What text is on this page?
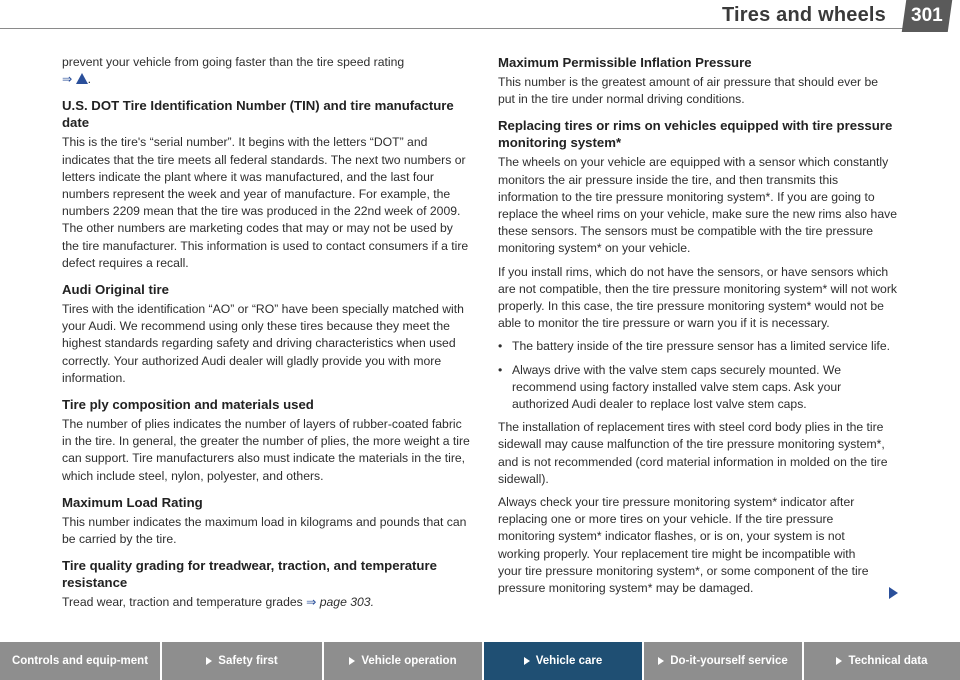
Tires and wheels 301

prevent your vehicle from going faster than the tire speed rating
⇒ .

U.S. DOT Tire Identification Number (TIN) and tire manufacture date

This is the tire's “serial number”. It begins with the letters “DOT” and indicates that the tire meets all federal standards. The next two numbers or letters indicate the plant where it was manufactured, and the last four numbers represent the week and year of manufacture. For example, the numbers 2209 mean that the tire was produced in the 22nd week of 2009. The other numbers are marketing codes that may or may not be used by the tire manufacturer. This information is used to contact consumers if a tire defect requires a recall.

Audi Original tire

Tires with the identification “AO” or “RO” have been specially matched with your Audi. We recommend using only these tires because they meet the highest standards regarding safety and driving characteristics when used correctly. Your authorized Audi dealer will gladly provide you with more information.

Tire ply composition and materials used

The number of plies indicates the number of layers of rubber-coated fabric in the tire. In general, the greater the number of plies, the more weight a tire can support. Tire manufacturers also must indicate the materials in the tire, which include steel, nylon, polyester, and others.

Maximum Load Rating

This number indicates the maximum load in kilograms and pounds that can be carried by the tire.

Tire quality grading for treadwear, traction, and temperature resistance

Tread wear, traction and temperature grades ⇒ page 303.

Maximum Permissible Inflation Pressure

This number is the greatest amount of air pressure that should ever be put in the tire under normal driving conditions.

Replacing tires or rims on vehicles equipped with tire pressure monitoring system*

The wheels on your vehicle are equipped with a sensor which constantly monitors the air pressure inside the tire, and then transmits this information to the tire pressure monitoring system*. If you are going to replace the wheel rims on your vehicle, make sure the new rims also have these sensors. The sensors must be compatible with the tire pressure monitoring system* on your vehicle.

If you install rims, which do not have the sensors, or have sensors which are not compatible, then the tire pressure monitoring system* will not work properly. In this case, the tire pressure monitoring system* would not be able to monitor the tire pressure or warn you if it is necessary.

• The battery inside of the tire pressure sensor has a limited service life.

• Always drive with the valve stem caps securely mounted. We recommend using factory installed valve stem caps. Ask your authorized Audi dealer to replace lost valve stem caps.

The installation of replacement tires with steel cord body plies in the tire sidewall may cause malfunction of the tire pressure monitoring system*, and is not recommended (cord material information in molded on the tire sidewall).

Always check your tire pressure monitoring system* indicator after replacing one or more tires on your vehicle. If the tire pressure monitoring system* indicator flashes, or is on, your system is not working properly. Your replacement tire might be incompatible with your tire pressure monitoring system*, or some component of the tire pressure monitoring system* may be damaged.

Controls and equip-ment	Safety first	Vehicle operation	Vehicle care	Do-it-yourself service	Technical data
